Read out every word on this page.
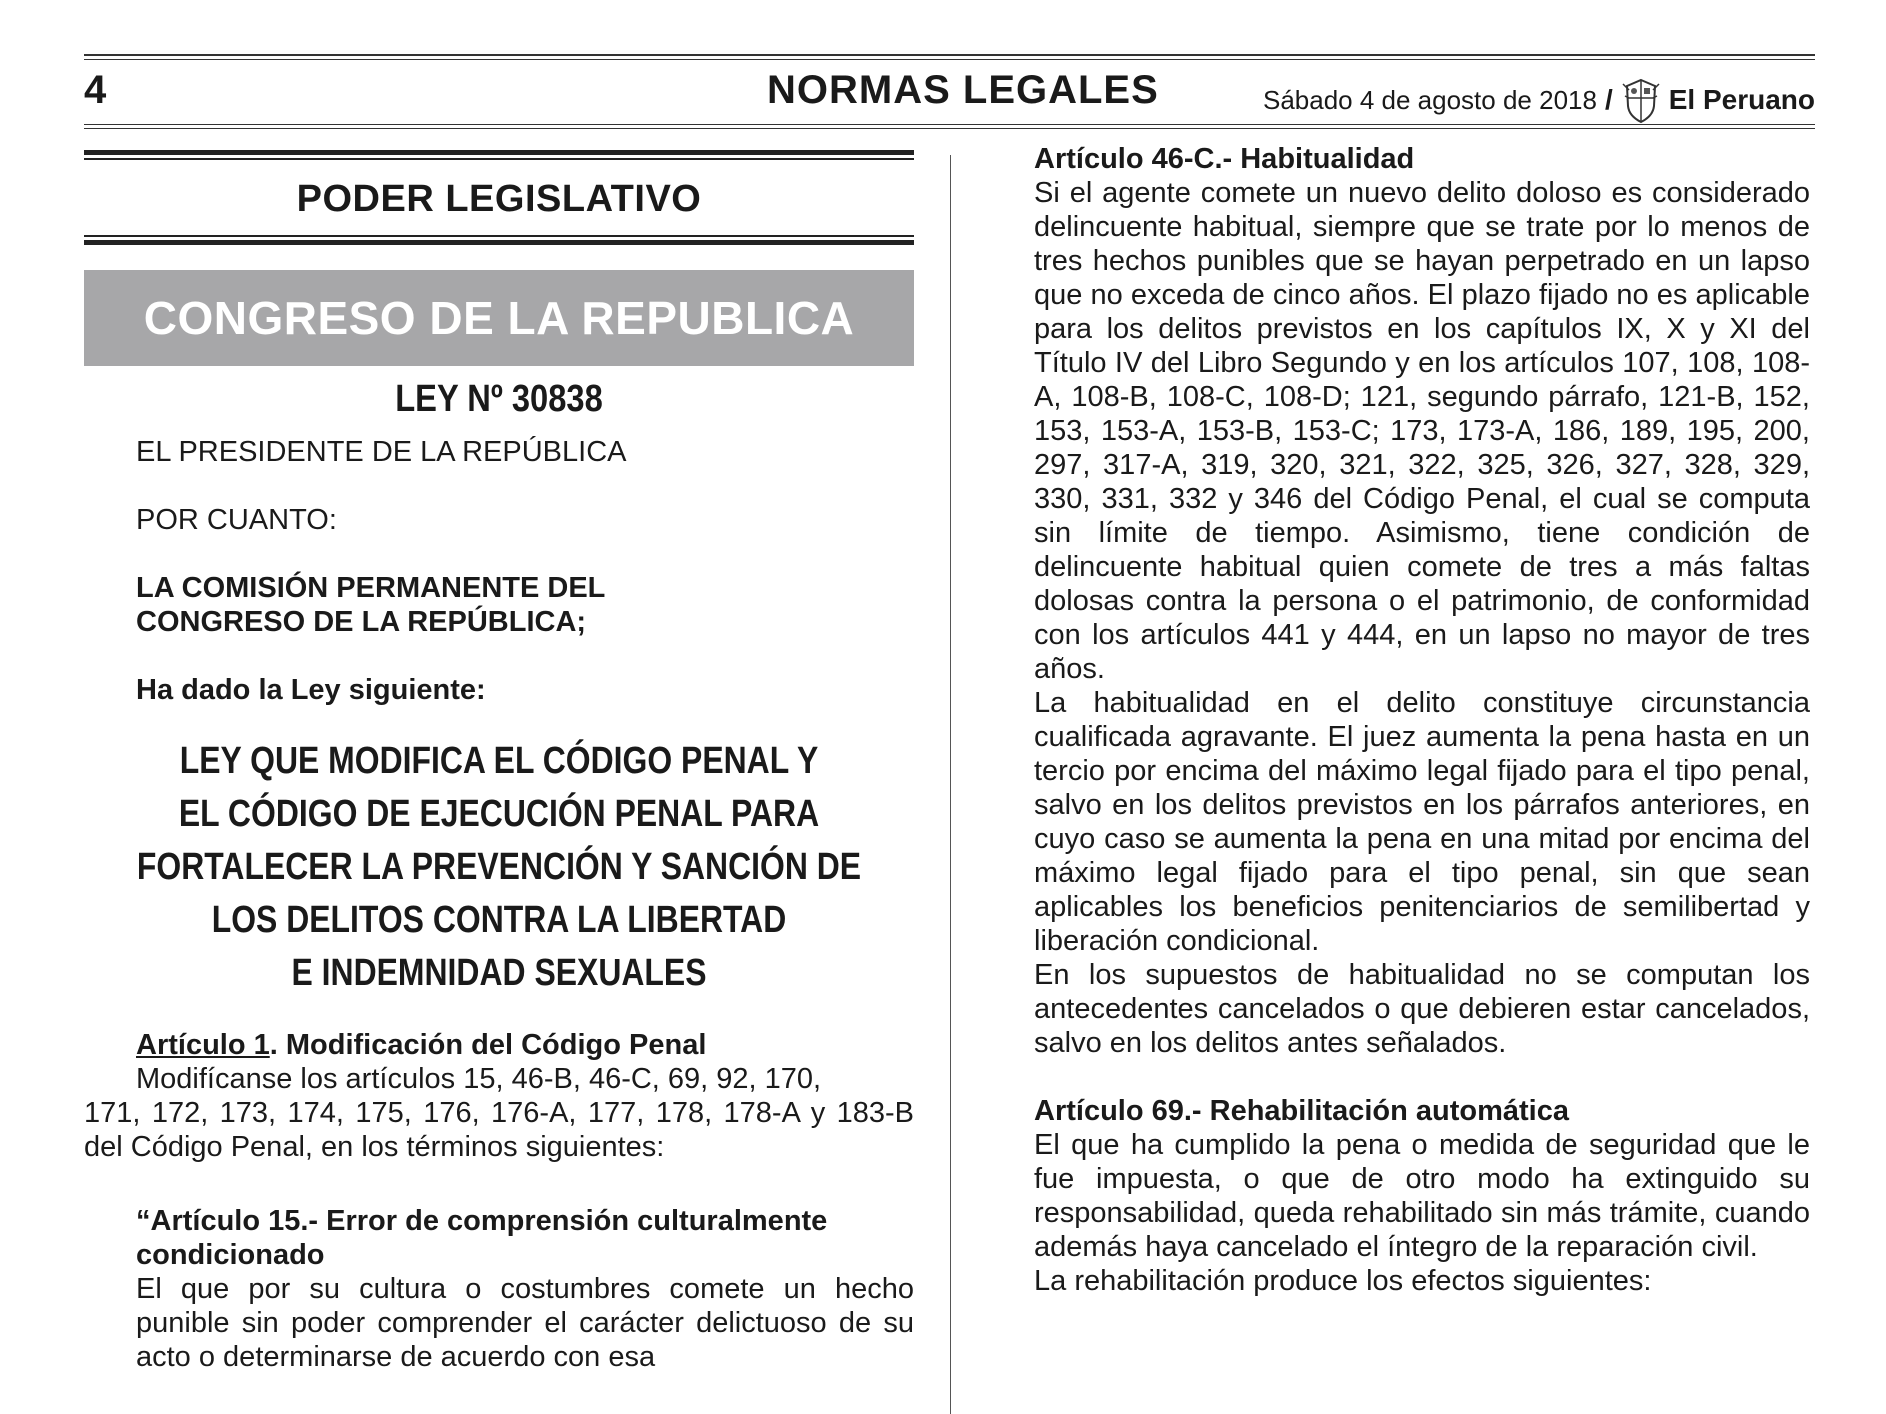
4	NORMAS LEGALES	Sábado 4 de agosto de 2018 / El Peruano
PODER LEGISLATIVO
CONGRESO DE LA REPUBLICA
LEY Nº 30838
EL PRESIDENTE DE LA REPÚBLICA
POR CUANTO:
LA COMISIÓN PERMANENTE DEL
CONGRESO DE LA REPÚBLICA;
Ha dado la Ley siguiente:
LEY QUE MODIFICA EL CÓDIGO PENAL Y
EL CÓDIGO DE EJECUCIÓN PENAL PARA
FORTALECER LA PREVENCIÓN Y SANCIÓN DE
LOS DELITOS CONTRA LA LIBERTAD
E INDEMNIDAD SEXUALES
Artículo 1. Modificación del Código Penal
Modifícanse los artículos 15, 46-B, 46-C, 69, 92, 170,
171, 172, 173, 174, 175, 176, 176-A, 177, 178, 178-A y 183-B del Código Penal, en los términos siguientes:
“Artículo 15.- Error de comprensión culturalmente condicionado
El que por su cultura o costumbres comete un hecho punible sin poder comprender el carácter delictuoso de su acto o determinarse de acuerdo con esa
Artículo 46-C.- Habitualidad
Si el agente comete un nuevo delito doloso es considerado delincuente habitual, siempre que se trate por lo menos de tres hechos punibles que se hayan perpetrado en un lapso que no exceda de cinco años. El plazo fijado no es aplicable para los delitos previstos en los capítulos IX, X y XI del Título IV del Libro Segundo y en los artículos 107, 108, 108-A, 108-B, 108-C, 108-D; 121, segundo párrafo, 121-B, 152, 153, 153-A, 153-B, 153-C; 173, 173-A, 186, 189, 195, 200, 297, 317-A, 319, 320, 321, 322, 325, 326, 327, 328, 329, 330, 331, 332 y 346 del Código Penal, el cual se computa sin límite de tiempo. Asimismo, tiene condición de delincuente habitual quien comete de tres a más faltas dolosas contra la persona o el patrimonio, de conformidad con los artículos 441 y 444, en un lapso no mayor de tres años.
La habitualidad en el delito constituye circunstancia cualificada agravante. El juez aumenta la pena hasta en un tercio por encima del máximo legal fijado para el tipo penal, salvo en los delitos previstos en los párrafos anteriores, en cuyo caso se aumenta la pena en una mitad por encima del máximo legal fijado para el tipo penal, sin que sean aplicables los beneficios penitenciarios de semilibertad y liberación condicional.
En los supuestos de habitualidad no se computan los antecedentes cancelados o que debieren estar cancelados, salvo en los delitos antes señalados.
Artículo 69.- Rehabilitación automática
El que ha cumplido la pena o medida de seguridad que le fue impuesta, o que de otro modo ha extinguido su responsabilidad, queda rehabilitado sin más trámite, cuando además haya cancelado el íntegro de la reparación civil.
La rehabilitación produce los efectos siguientes:
